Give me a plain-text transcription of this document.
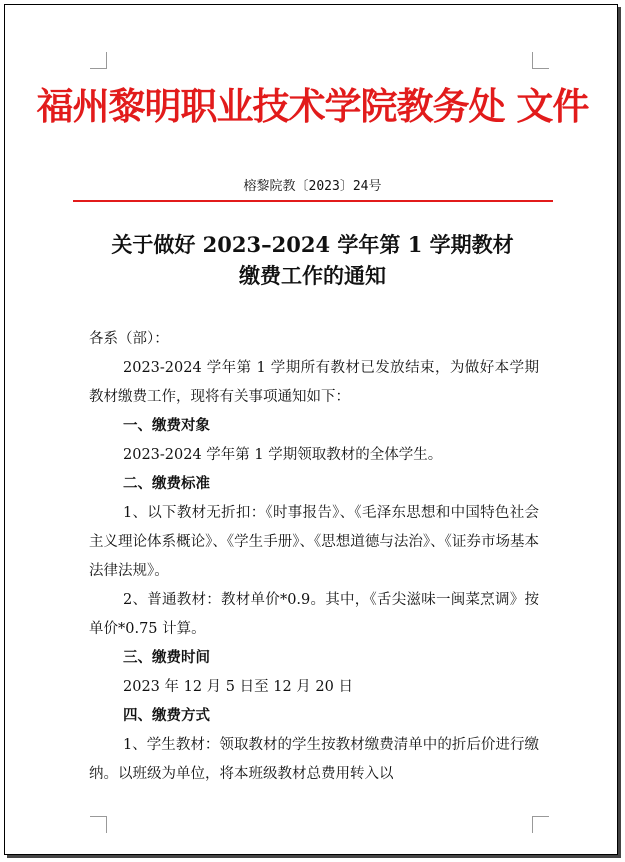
福州黎明职业技术学院教务处 文件
榕黎院教〔2023〕24号
关于做好 2023–2024 学年第 1 学期教材
缴费工作的通知

各系（部）：

2023-2024 学年第 1 学期所有教材已发放结束，为做好本学期教材缴费工作，现将有关事项通知如下：

一、缴费对象

2023-2024 学年第 1 学期领取教材的全体学生。

二、缴费标准

1、以下教材无折扣：《时事报告》、《毛泽东思想和中国特色社会主义理论体系概论》、《学生手册》、《思想道德与法治》、《证券市场基本法律法规》。

2、普通教材：教材单价*0.9。其中，《舌尖滋味一闽菜烹调》按单价*0.75 计算。

三、缴费时间

2023 年 12 月 5 日至 12 月 20 日

四、缴费方式

1、学生教材：领取教材的学生按教材缴费清单中的折后价进行缴纳。以班级为单位，将本班级教材总费用转入以
